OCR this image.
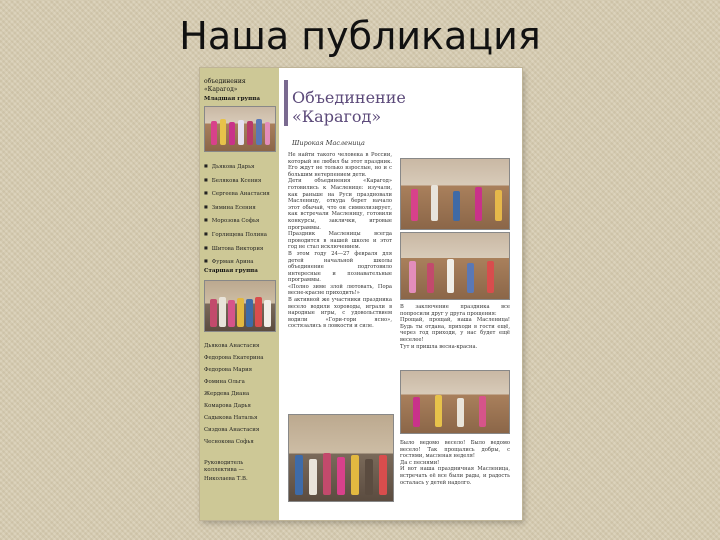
Наша публикация
объединения «Карагод»
Младшая группа
■ Дьякова Дарья
■ Белякова Ксения
■ Сергеева Анастасия
■ Зимина Есения
■ Морозова Софья
■ Горлищева Полина
■ Шитова Виктория
■ Фурман Арина
Старшая группа
Дьякова Анастасия
Федорова Екатерина
Федорова Мария
Фомина Ольга
Жердева Диана
Комарова Дарья
Садыкова Наталья
Сиздова Анастасия
Чеснокова Софья
Руководитель коллектива —
Николаева Т.В.
Объединение
«Карагод»

Широкая Масленица

Не найти такого человека в России, который не любил бы этот праздник. Его ждут не только взрослые, но и с большим нетерпением дети.

Дети объединения «Карагод» готовились к Масленице: изучали, как раньше на Руси праздновали Масленицу, откуда берет начало этот обычай, что он символизирует, как встречали Масленицу, готовили конкурсы, заклички, игровые программы.

Праздник Масленицы всегда проводится в нашей школе и этот год не стал исключением.

В этом году 24—27 февраля для детей начальной школы объединение подготовило интересные и познавательные программы.

«Полно зиме злой лютовать, Пора весне-красне приходить!»

В активной же участники праздника весело водили хороводы, играли в народные игры, с удовольствием водили «Гори-гори ясно», состязались в ловкости и силе.

В заключение праздника все попросили друг у друга прощения:

Прощай, прощай, наша Масленица! Будь ты отдана, приходи в гости ещё, через год приходи, у нас будет ещё веселее!

Тут и пришла весна-красна.

Было ведомо весело! Было ведомо весело! Так прощались добры, с гостями, масленая неделя!

Да с песнями!

И вот наша праздничная Масленица, встречать её все были рады, и радость осталась у детей надолго.
